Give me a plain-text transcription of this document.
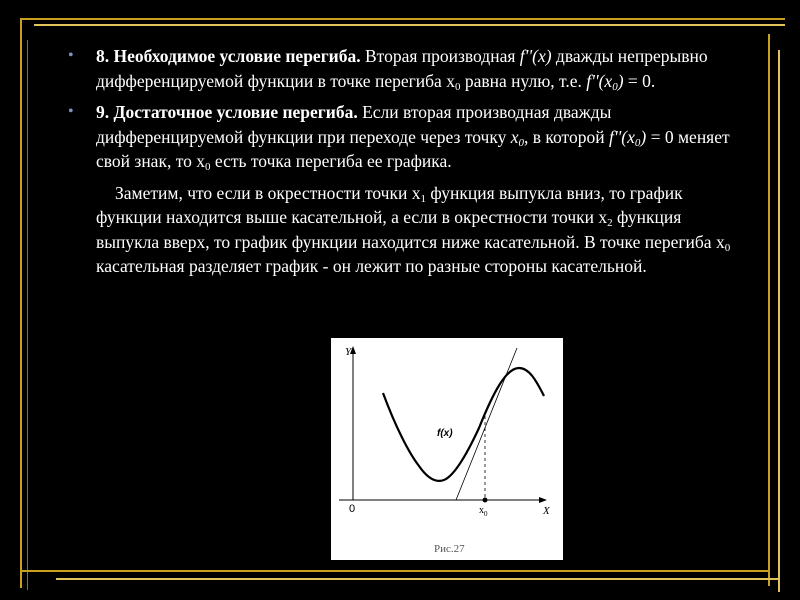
• 8. Необходимое условие перегиба. Вторая производная f''(x) дважды непрерывно дифференцируемой функции в точке перегиба $x_0$ равна нулю, т.е. $f''(x_0) = 0$.
• 9. Достаточное условие перегиба. Если вторая производная дважды дифференцируемой функции при переходе через точку $x_0$, в которой $f''(x_0) = 0$ меняет свой знак, то $x_0$ есть точка перегиба ее графика.
Заметим, что если в окрестности точки $x_1$ функция выпукла вниз, то график функции находится выше касательной, а если в окрестности точки $x_2$ функция выпукла вверх, то график функции находится ниже касательной. В точке перегиба $x_0$ касательная разделяет график - он лежит по разные стороны касательной.
Y
X
0
f(x)
$x_0$
Рис.27
